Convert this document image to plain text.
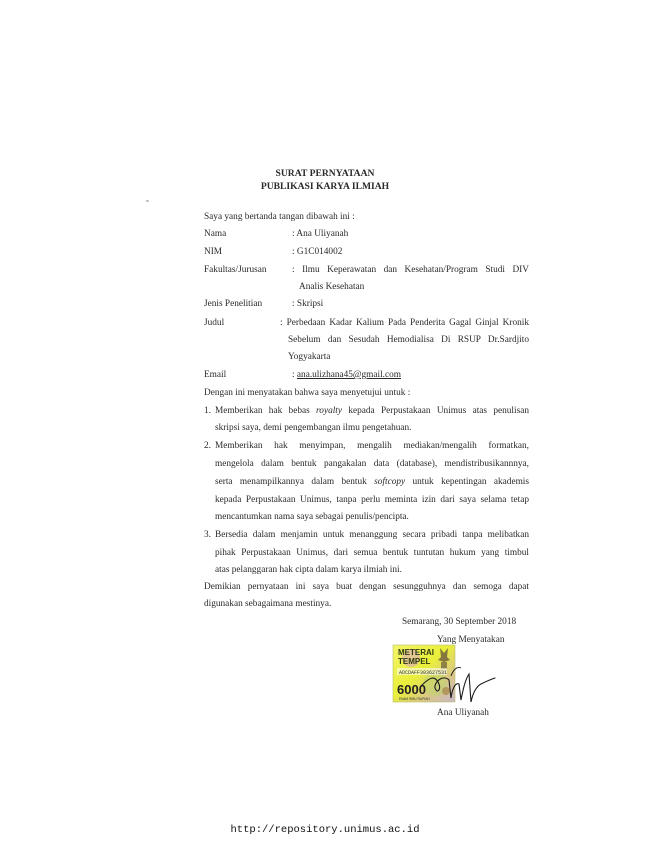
SURAT PERNYATAAN
PUBLIKASI KARYA ILMIAH
Saya yang bertanda tangan dibawah ini :
Nama	: Ana Uliyanah
NIM	: G1C014002
Fakultas/Jurusan	: Ilmu Keperawatan dan Kesehatan/Program Studi DIV
Analis Kesehatan
Jenis Penelitian	: Skripsi
Judul	: Perbedaan Kadar Kalium Pada Penderita Gagal Ginjal Kronik
Sebelum dan Sesudah Hemodialisa Di RSUP Dr.Sardjito
Yogyakarta
Email	: ana.ulizhana45@gmail.com
Dengan ini menyatakan bahwa saya menyetujui untuk :
1. Memberikan hak bebas royalty kepada Perpustakaan Unimus atas penulisan
skripsi saya, demi pengembangan ilmu pengetahuan.
2. Memberikan hak menyimpan, mengalih mediakan/mengalih formatkan,
mengelola dalam bentuk pangakalan data (database), mendistribusikannnya,
serta menampilkannya dalam bentuk softcopy untuk kepentingan akademis
kepada Perpustakaan Unimus, tanpa perlu meminta izin dari saya selama tetap
mencantumkan nama saya sebagai penulis/pencipta.
3. Bersedia dalam menjamin untuk menanggung secara pribadi tanpa melibatkan
pihak Perpustakaan Unimus, dari semua bentuk tuntutan hukum yang timbul
atas pelanggaran hak cipta dalam karya ilmiah ini.
Demikian pernyataan ini saya buat dengan sesungguhnya dan semoga dapat
digunakan sebagaimana mestinya.
Semarang, 30 September 2018
Yang Menyatakan
METERAI
TEMPEL
ADCDAFF303627531
6000
ENAM RIBU RUPIAH
Ana Uliyanah
http://repository.unimus.ac.id
